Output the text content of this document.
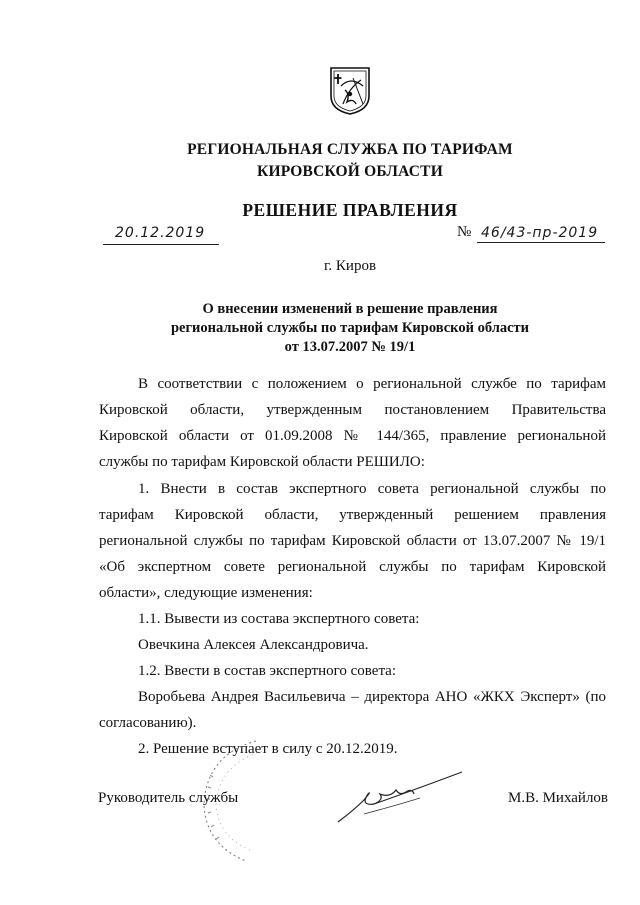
РЕГИОНАЛЬНАЯ СЛУЖБА ПО ТАРИФАМ
КИРОВСКОЙ ОБЛАСТИ
РЕШЕНИЕ ПРАВЛЕНИЯ
20.12.2019	№ 46/43-пр-2019
г. Киров
О внесении изменений в решение правления
региональной службы по тарифам Кировской области
от 13.07.2007 № 19/1
В соответствии с положением о региональной службе по тарифам
Кировской области, утвержденным постановлением Правительства
Кировской области от 01.09.2008 № 144/365, правление региональной
службы по тарифам Кировской области РЕШИЛО:
1. Внести в состав экспертного совета региональной службы по
тарифам Кировской области, утвержденный решением правления
региональной службы по тарифам Кировской области от 13.07.2007 № 19/1
«Об экспертном совете региональной службы по тарифам Кировской
области», следующие изменения:
1.1. Вывести из состава экспертного совета:
Овечкина Алексея Александровича.
1.2. Ввести в состав экспертного совета:
Воробьева Андрея Васильевича – директора АНО «ЖКХ Эксперт» (по
согласованию).
2. Решение вступает в силу с 20.12.2019.
Руководитель службы	М.В. Михайлов
